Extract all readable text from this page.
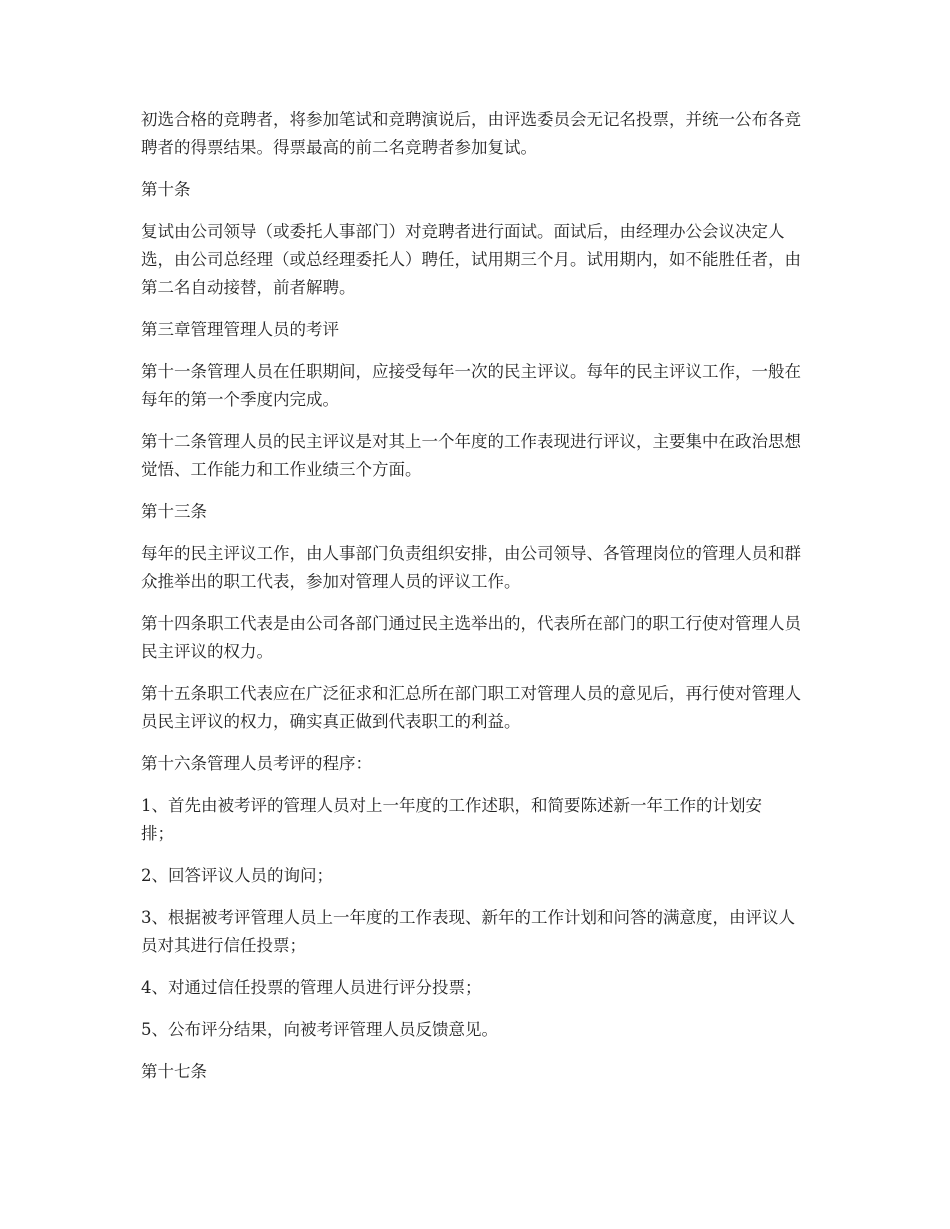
初选合格的竞聘者，将参加笔试和竞聘演说后，由评选委员会无记名投票，并统一公布各竞聘者的得票结果。得票最高的前二名竞聘者参加复试。

第十条

复试由公司领导（或委托人事部门）对竞聘者进行面试。面试后，由经理办公会议决定人选，由公司总经理（或总经理委托人）聘任，试用期三个月。试用期内，如不能胜任者，由第二名自动接替，前者解聘。

第三章管理管理人员的考评

第十一条管理人员在任职期间，应接受每年一次的民主评议。每年的民主评议工作，一般在每年的第一个季度内完成。

第十二条管理人员的民主评议是对其上一个年度的工作表现进行评议，主要集中在政治思想觉悟、工作能力和工作业绩三个方面。

第十三条

每年的民主评议工作，由人事部门负责组织安排，由公司领导、各管理岗位的管理人员和群众推举出的职工代表，参加对管理人员的评议工作。

第十四条职工代表是由公司各部门通过民主选举出的，代表所在部门的职工行使对管理人员民主评议的权力。

第十五条职工代表应在广泛征求和汇总所在部门职工对管理人员的意见后，再行使对管理人员民主评议的权力，确实真正做到代表职工的利益。

第十六条管理人员考评的程序：

1、首先由被考评的管理人员对上一年度的工作述职，和简要陈述新一年工作的计划安排；

2、回答评议人员的询问；

3、根据被考评管理人员上一年度的工作表现、新年的工作计划和问答的满意度，由评议人员对其进行信任投票；

4、对通过信任投票的管理人员进行评分投票；

5、公布评分结果，向被考评管理人员反馈意见。

第十七条
